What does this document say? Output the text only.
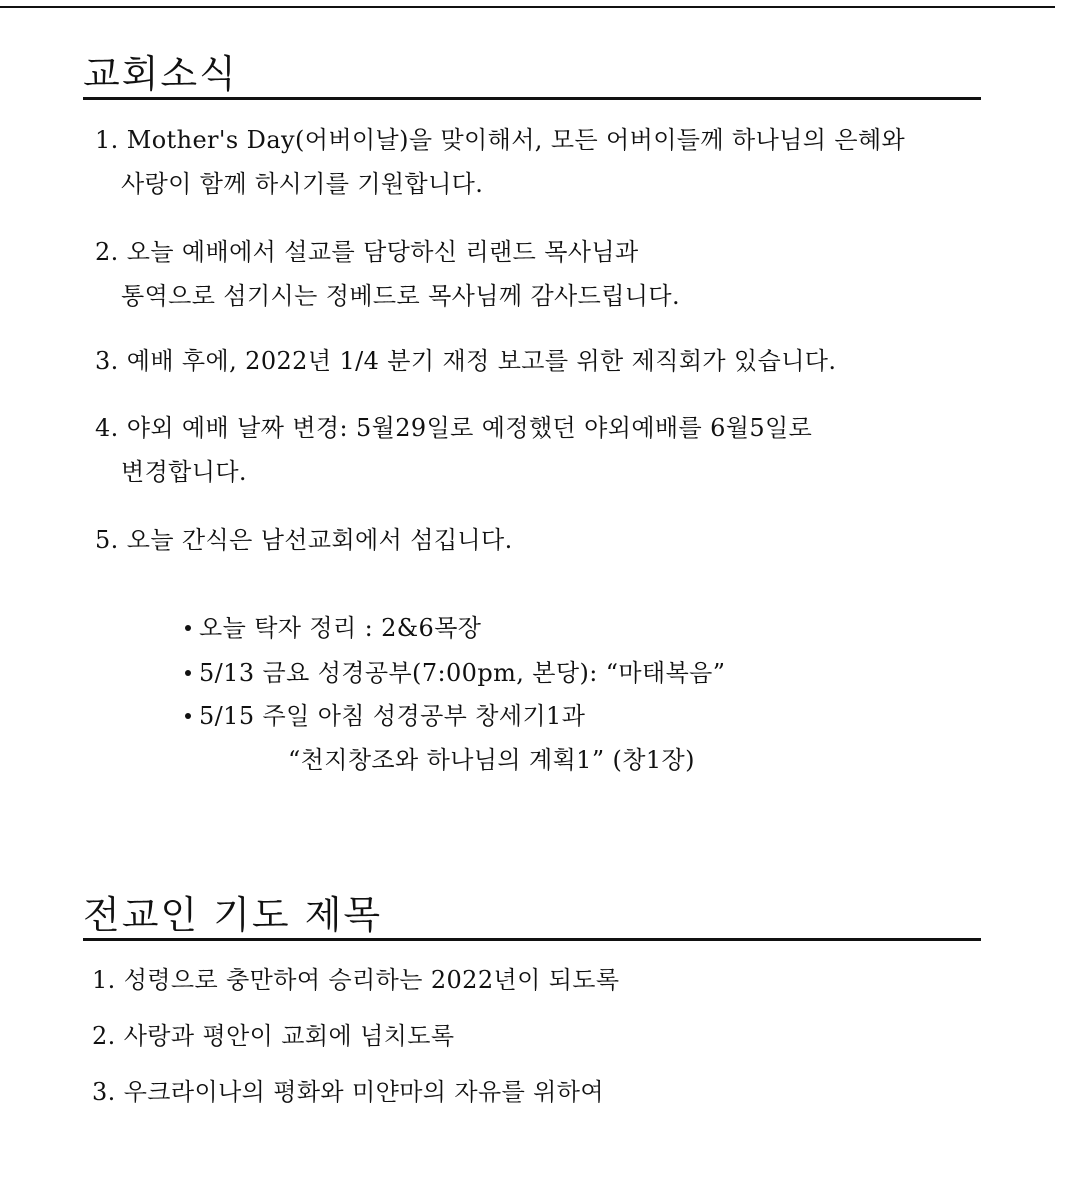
교회소식
1. Mother's Day(어버이날)을 맞이해서, 모든 어버이들께 하나님의 은혜와
사랑이 함께 하시기를 기원합니다.
2. 오늘 예배에서 설교를 담당하신 리랜드 목사님과
통역으로 섬기시는 정베드로 목사님께 감사드립니다.
3. 예배 후에, 2022년 1/4 분기 재정 보고를 위한 제직회가 있습니다.
4. 야외 예배 날짜 변경: 5월29일로 예정했던 야외예배를 6월5일로
변경합니다.
5. 오늘 간식은 남선교회에서 섬깁니다.
오늘 탁자 정리 : 2&6목장
5/13 금요 성경공부(7:00pm, 본당): “마태복음”
5/15 주일 아침 성경공부 창세기1과
“천지창조와 하나님의 계획1” (창1장)
전교인 기도 제목
1. 성령으로 충만하여 승리하는 2022년이 되도록
2. 사랑과 평안이 교회에 넘치도록
3. 우크라이나의 평화와 미얀마의 자유를 위하여
